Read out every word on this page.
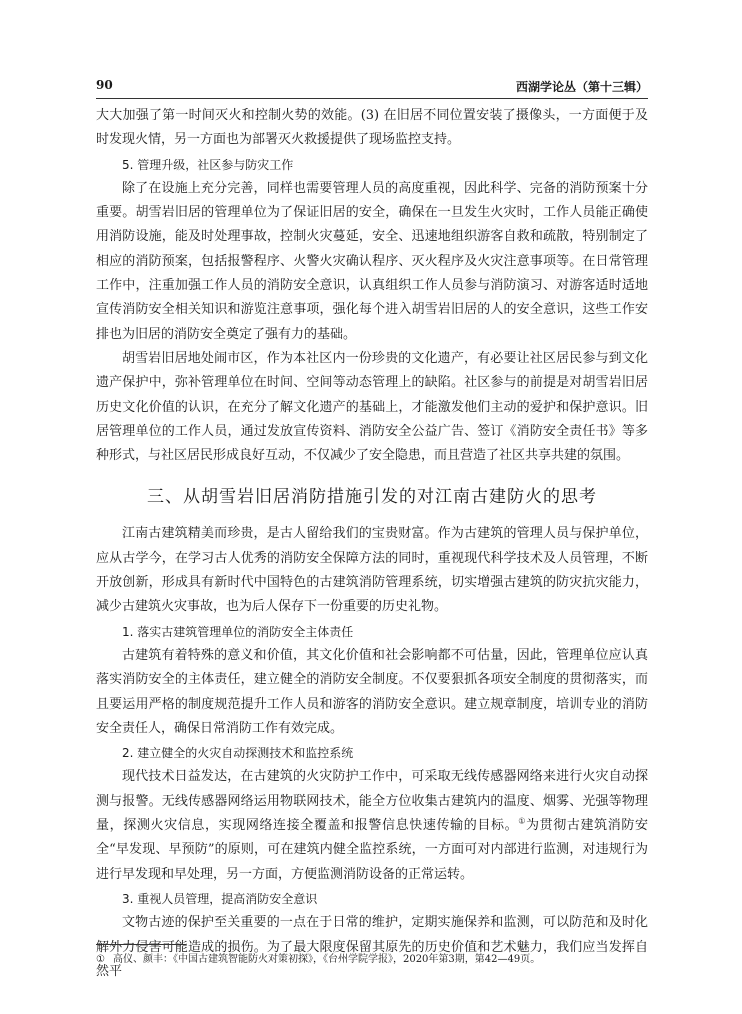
90	西湖学论丛（第十三辑）

大大加强了第一时间灭火和控制火势的效能。(3) 在旧居不同位置安装了摄像头，一方面便于及时发现火情，另一方面也为部署灭火救援提供了现场监控支持。

5. 管理升级，社区参与防灾工作

除了在设施上充分完善，同样也需要管理人员的高度重视，因此科学、完备的消防预案十分重要。胡雪岩旧居的管理单位为了保证旧居的安全，确保在一旦发生火灾时，工作人员能正确使用消防设施，能及时处理事故，控制火灾蔓延，安全、迅速地组织游客自救和疏散，特别制定了相应的消防预案，包括报警程序、火警火灾确认程序、灭火程序及火灾注意事项等。在日常管理工作中，注重加强工作人员的消防安全意识，认真组织工作人员参与消防演习、对游客适时适地宣传消防安全相关知识和游览注意事项，强化每个进入胡雪岩旧居的人的安全意识，这些工作安排也为旧居的消防安全奠定了强有力的基础。

胡雪岩旧居地处闹市区，作为本社区内一份珍贵的文化遗产，有必要让社区居民参与到文化遗产保护中，弥补管理单位在时间、空间等动态管理上的缺陷。社区参与的前提是对胡雪岩旧居历史文化价值的认识，在充分了解文化遗产的基础上，才能激发他们主动的爱护和保护意识。旧居管理单位的工作人员，通过发放宣传资料、消防安全公益广告、签订《消防安全责任书》等多种形式，与社区居民形成良好互动，不仅减少了安全隐患，而且营造了社区共享共建的氛围。

三、从胡雪岩旧居消防措施引发的对江南古建防火的思考

江南古建筑精美而珍贵，是古人留给我们的宝贵财富。作为古建筑的管理人员与保护单位，应从古学今，在学习古人优秀的消防安全保障方法的同时，重视现代科学技术及人员管理，不断开放创新，形成具有新时代中国特色的古建筑消防管理系统，切实增强古建筑的防灾抗灾能力，减少古建筑火灾事故，也为后人保存下一份重要的历史礼物。

1. 落实古建筑管理单位的消防安全主体责任

古建筑有着特殊的意义和价值，其文化价值和社会影响都不可估量，因此，管理单位应认真落实消防安全的主体责任，建立健全的消防安全制度。不仅要狠抓各项安全制度的贯彻落实，而且要运用严格的制度规范提升工作人员和游客的消防安全意识。建立规章制度，培训专业的消防安全责任人，确保日常消防工作有效完成。

2. 建立健全的火灾自动探测技术和监控系统

现代技术日益发达，在古建筑的火灾防护工作中，可采取无线传感器网络来进行火灾自动探测与报警。无线传感器网络运用物联网技术，能全方位收集古建筑内的温度、烟雾、光强等物理量，探测火灾信息，实现网络连接全覆盖和报警信息快速传输的目标。①为贯彻古建筑消防安全“早发现、早预防”的原则，可在建筑内健全监控系统，一方面可对内部进行监测，对违规行为进行早发现和早处理，另一方面，方便监测消防设备的正常运转。

3. 重视人员管理，提高消防安全意识

文物古迹的保护至关重要的一点在于日常的维护，定期实施保养和监测，可以防范和及时化解外力侵害可能造成的损伤。为了最大限度保留其原先的历史价值和艺术魅力，我们应当发挥自然平

① 高仪、颜丰：《中国古建筑智能防火对策初探》，《台州学院学报》，2020年第3期，第42—49页。
